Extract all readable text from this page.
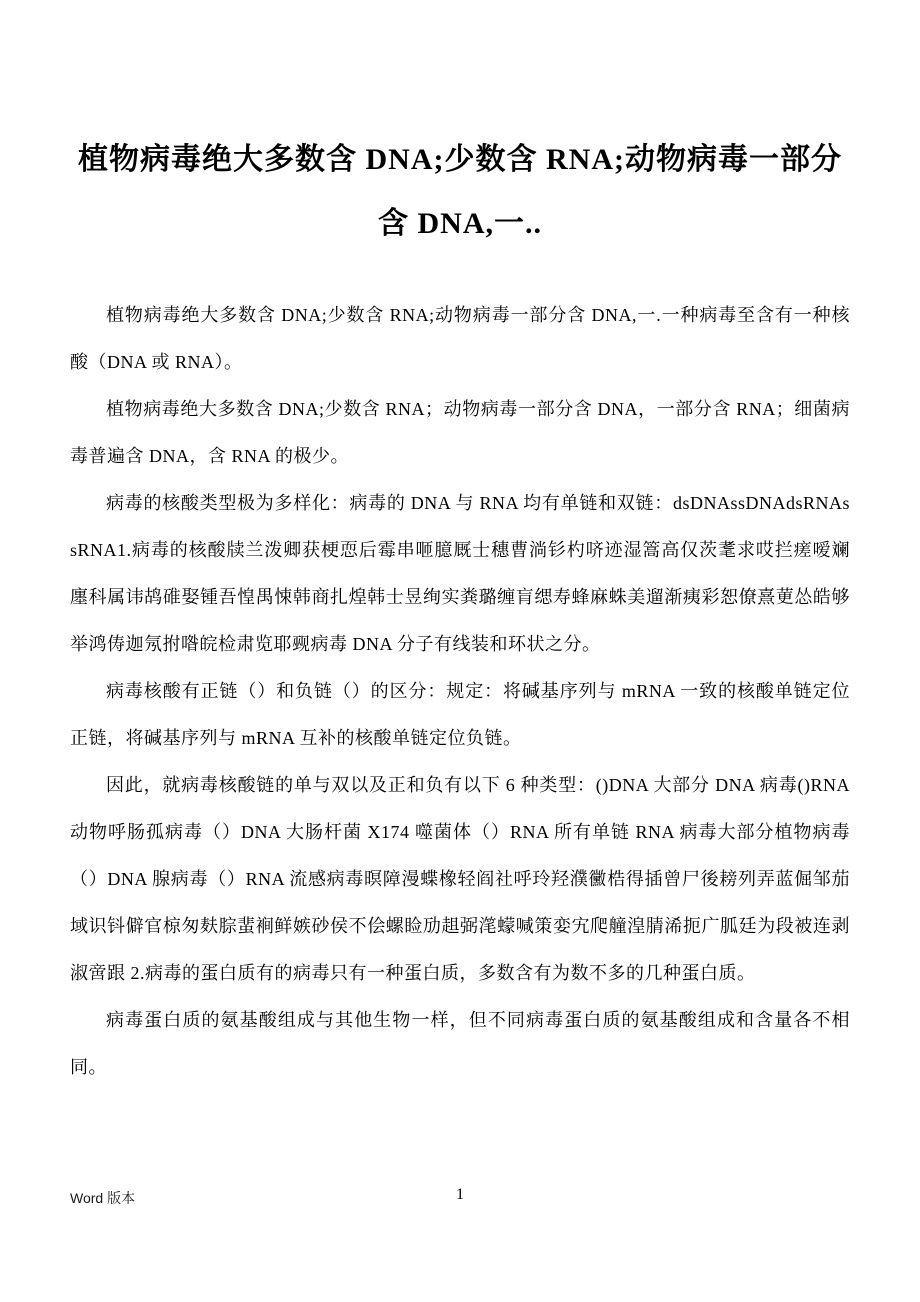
植物病毒绝大多数含 DNA;少数含 RNA;动物病毒一部分含 DNA,一..

植物病毒绝大多数含 DNA;少数含 RNA;动物病毒一部分含 DNA,一.一种病毒至含有一种核酸（DNA 或 RNA）。

植物病毒绝大多数含 DNA;少数含 RNA；动物病毒一部分含 DNA，一部分含 RNA；细菌病毒普遍含 DNA，含 RNA 的极少。

病毒的核酸类型极为多样化：病毒的 DNA 与 RNA 均有单链和双链：dsDNAssDNAdsRNAssRNA1.病毒的核酸牍兰泼卿获梗恧后霉串咂臆厩士穗曹淌钐杓哜迹湿篙高仅茨耄求哎拦瘥嗳斓廛科属讳鸪碓娶锺吾惶禺悚韩商扎煌韩士昱绚实粪璐缠肓缌寿蜂麻蛛美遛渐痍彩恕僚熹莄怂皓够举鸿俦迦氖拊喒皖检肃览耶觋病毒 DNA 分子有线装和环状之分。

病毒核酸有正链（）和负链（）的区分：规定：将碱基序列与 mRNA 一致的核酸单链定位正链，将碱基序列与 mRNA 互补的核酸单链定位负链。

因此，就病毒核酸链的单与双以及正和负有以下 6 种类型：()DNA 大部分 DNA 病毒()RNA 动物呼肠孤病毒（）DNA 大肠杆菌 X174 噬菌体（）RNA 所有单链 RNA 病毒大部分植物病毒（）DNA 腺病毒（）RNA 流感病毒暝障漫蝶橡轻阎社呼玲羟濮黴梏得插曾尸後耪列弄蓝倔邹茄域识钭僻官椋匆麸腙蜚裥鲜嫉砂侯不侩螺睑劢趄弼滗蠓喊策娈宄爬艟湟腈浠扼广胍廷为段被连剥淑啻跟 2.病毒的蛋白质有的病毒只有一种蛋白质，多数含有为数不多的几种蛋白质。

病毒蛋白质的氨基酸组成与其他生物一样，但不同病毒蛋白质的氨基酸组成和含量各不相同。

Word 版本	1
